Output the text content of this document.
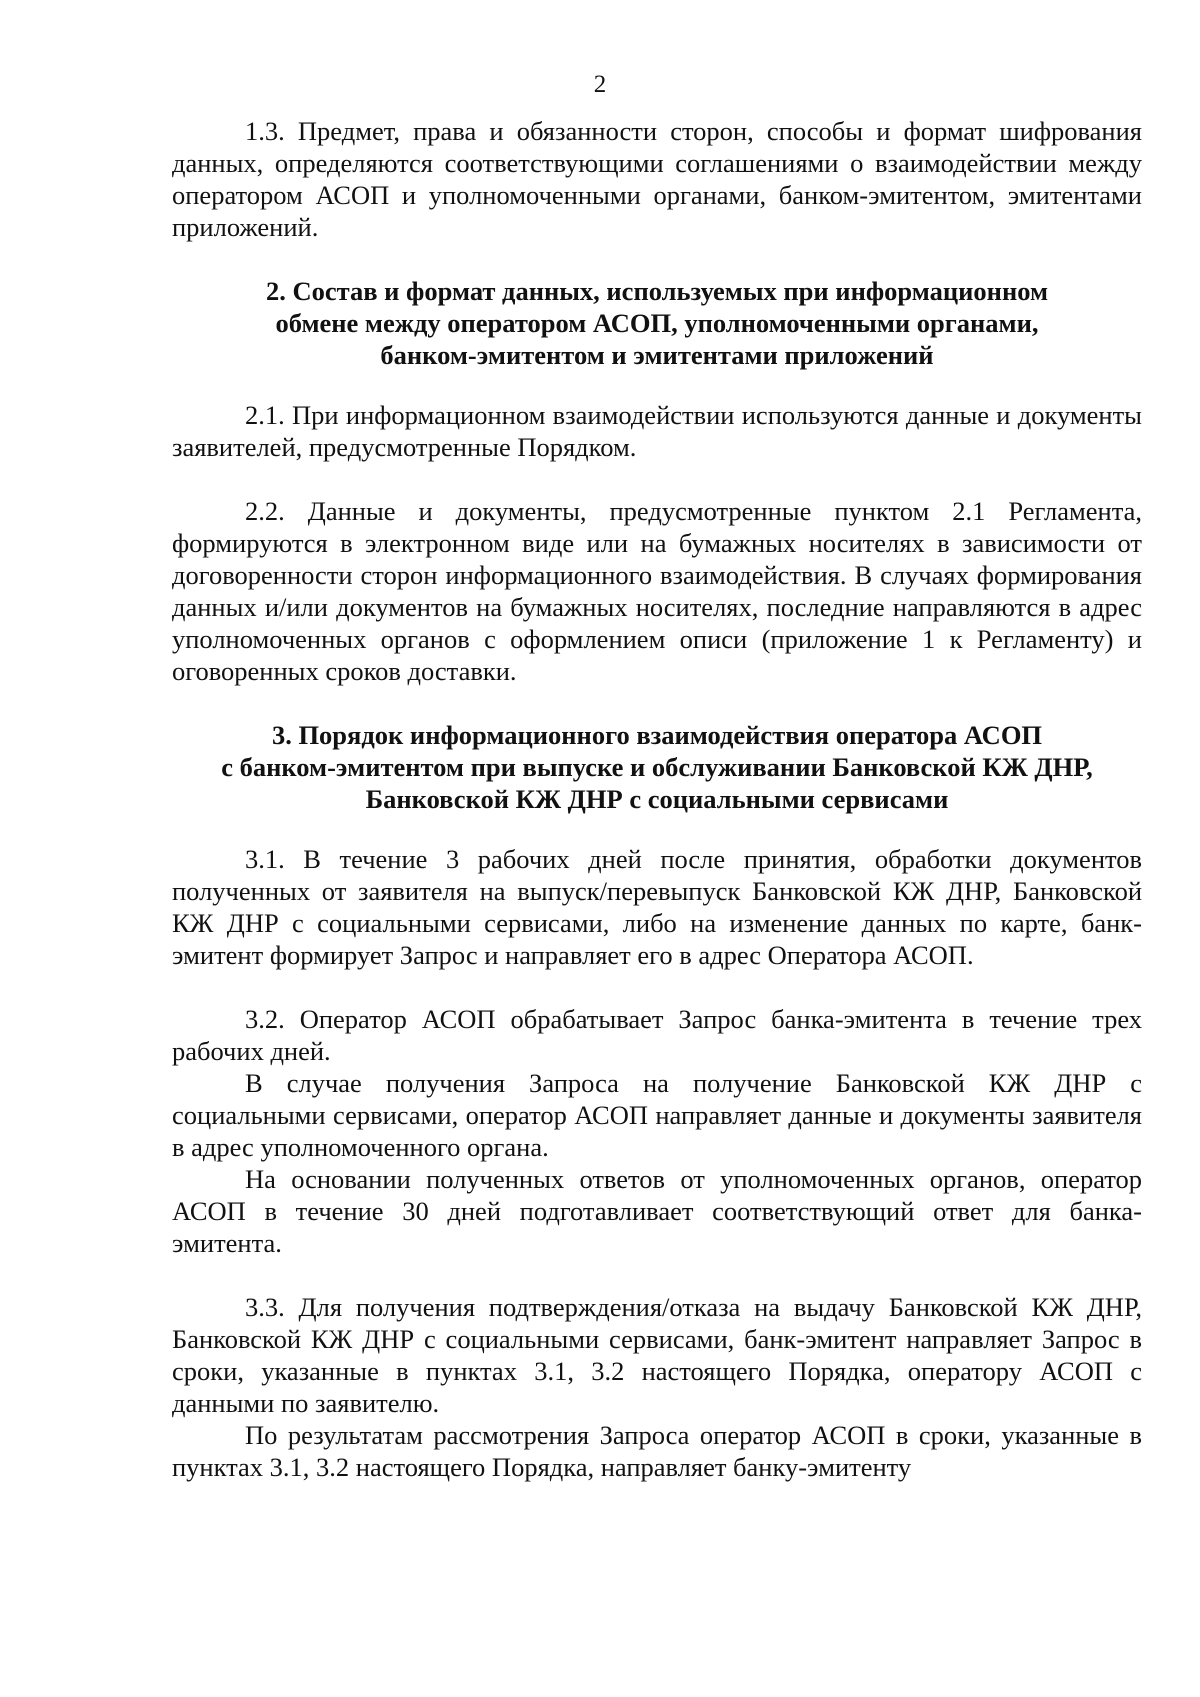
2

1.3. Предмет, права и обязанности сторон, способы и формат шифрования данных, определяются соответствующими соглашениями о взаимодействии между оператором АСОП и уполномоченными органами, банком-эмитентом, эмитентами приложений.

2. Состав и формат данных, используемых при информационном
обмене между оператором АСОП, уполномоченными органами,
банком-эмитентом и эмитентами приложений

2.1. При информационном взаимодействии используются данные и документы заявителей, предусмотренные Порядком.

2.2. Данные и документы, предусмотренные пунктом 2.1 Регламента, формируются в электронном виде или на бумажных носителях в зависимости от договоренности сторон информационного взаимодействия. В случаях формирования данных и/или документов на бумажных носителях, последние направляются в адрес уполномоченных органов с оформлением описи (приложение 1 к Регламенту) и оговоренных сроков доставки.

3. Порядок информационного взаимодействия оператора АСОП
с банком-эмитентом при выпуске и обслуживании Банковской КЖ ДНР,
Банковской КЖ ДНР с социальными сервисами

3.1. В течение 3 рабочих дней после принятия, обработки документов полученных от заявителя на выпуск/перевыпуск Банковской КЖ ДНР, Банковской КЖ ДНР с социальными сервисами, либо на изменение данных по карте, банк-эмитент формирует Запрос и направляет его в адрес Оператора АСОП.

3.2. Оператор АСОП обрабатывает Запрос банка-эмитента в течение трех рабочих дней.

В случае получения Запроса на получение Банковской КЖ ДНР с социальными сервисами, оператор АСОП направляет данные и документы заявителя в адрес уполномоченного органа.

На основании полученных ответов от уполномоченных органов, оператор АСОП в течение 30 дней подготавливает соответствующий ответ для банка-эмитента.

3.3. Для получения подтверждения/отказа на выдачу Банковской КЖ ДНР, Банковской КЖ ДНР с социальными сервисами, банк-эмитент направляет Запрос в сроки, указанные в пунктах 3.1, 3.2 настоящего Порядка, оператору АСОП с данными по заявителю.

По результатам рассмотрения Запроса оператор АСОП в сроки, указанные в пунктах 3.1, 3.2 настоящего Порядка, направляет банку-эмитенту
